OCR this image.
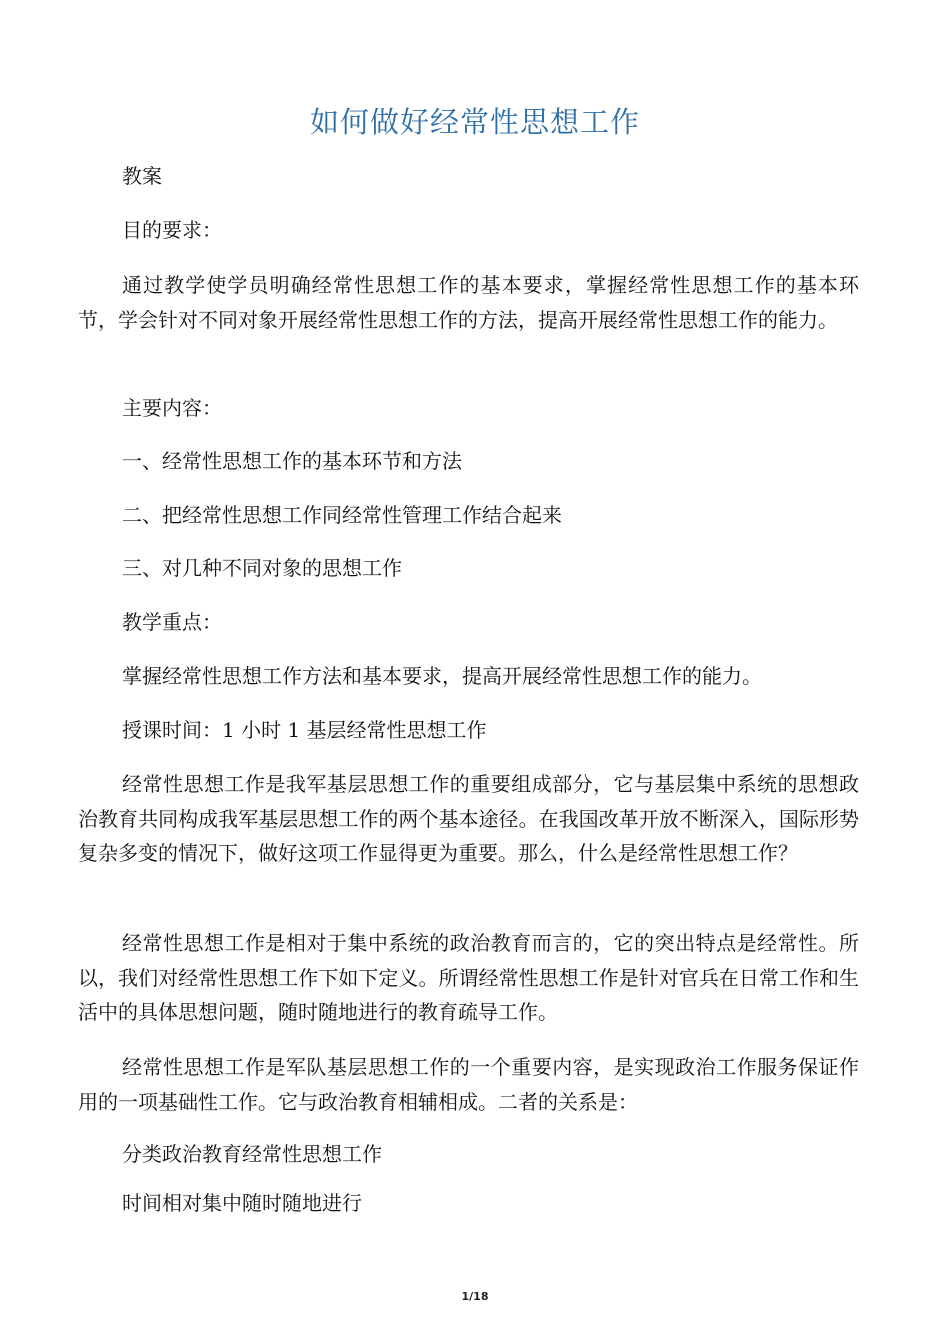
如何做好经常性思想工作
教案
目的要求：
通过教学使学员明确经常性思想工作的基本要求，掌握经常性思想工作的基本环节，学会针对不同对象开展经常性思想工作的方法，提高开展经常性思想工作的能力。
主要内容：
一、经常性思想工作的基本环节和方法
二、把经常性思想工作同经常性管理工作结合起来
三、对几种不同对象的思想工作
教学重点：
掌握经常性思想工作方法和基本要求，提高开展经常性思想工作的能力。
授课时间：1 小时 1 基层经常性思想工作
经常性思想工作是我军基层思想工作的重要组成部分，它与基层集中系统的思想政治教育共同构成我军基层思想工作的两个基本途径。在我国改革开放不断深入，国际形势复杂多变的情况下，做好这项工作显得更为重要。那么，什么是经常性思想工作？
经常性思想工作是相对于集中系统的政治教育而言的，它的突出特点是经常性。所以，我们对经常性思想工作下如下定义。所谓经常性思想工作是针对官兵在日常工作和生活中的具体思想问题，随时随地进行的教育疏导工作。
经常性思想工作是军队基层思想工作的一个重要内容，是实现政治工作服务保证作用的一项基础性工作。它与政治教育相辅相成。二者的关系是：
分类政治教育经常性思想工作
时间相对集中随时随地进行
1/18
